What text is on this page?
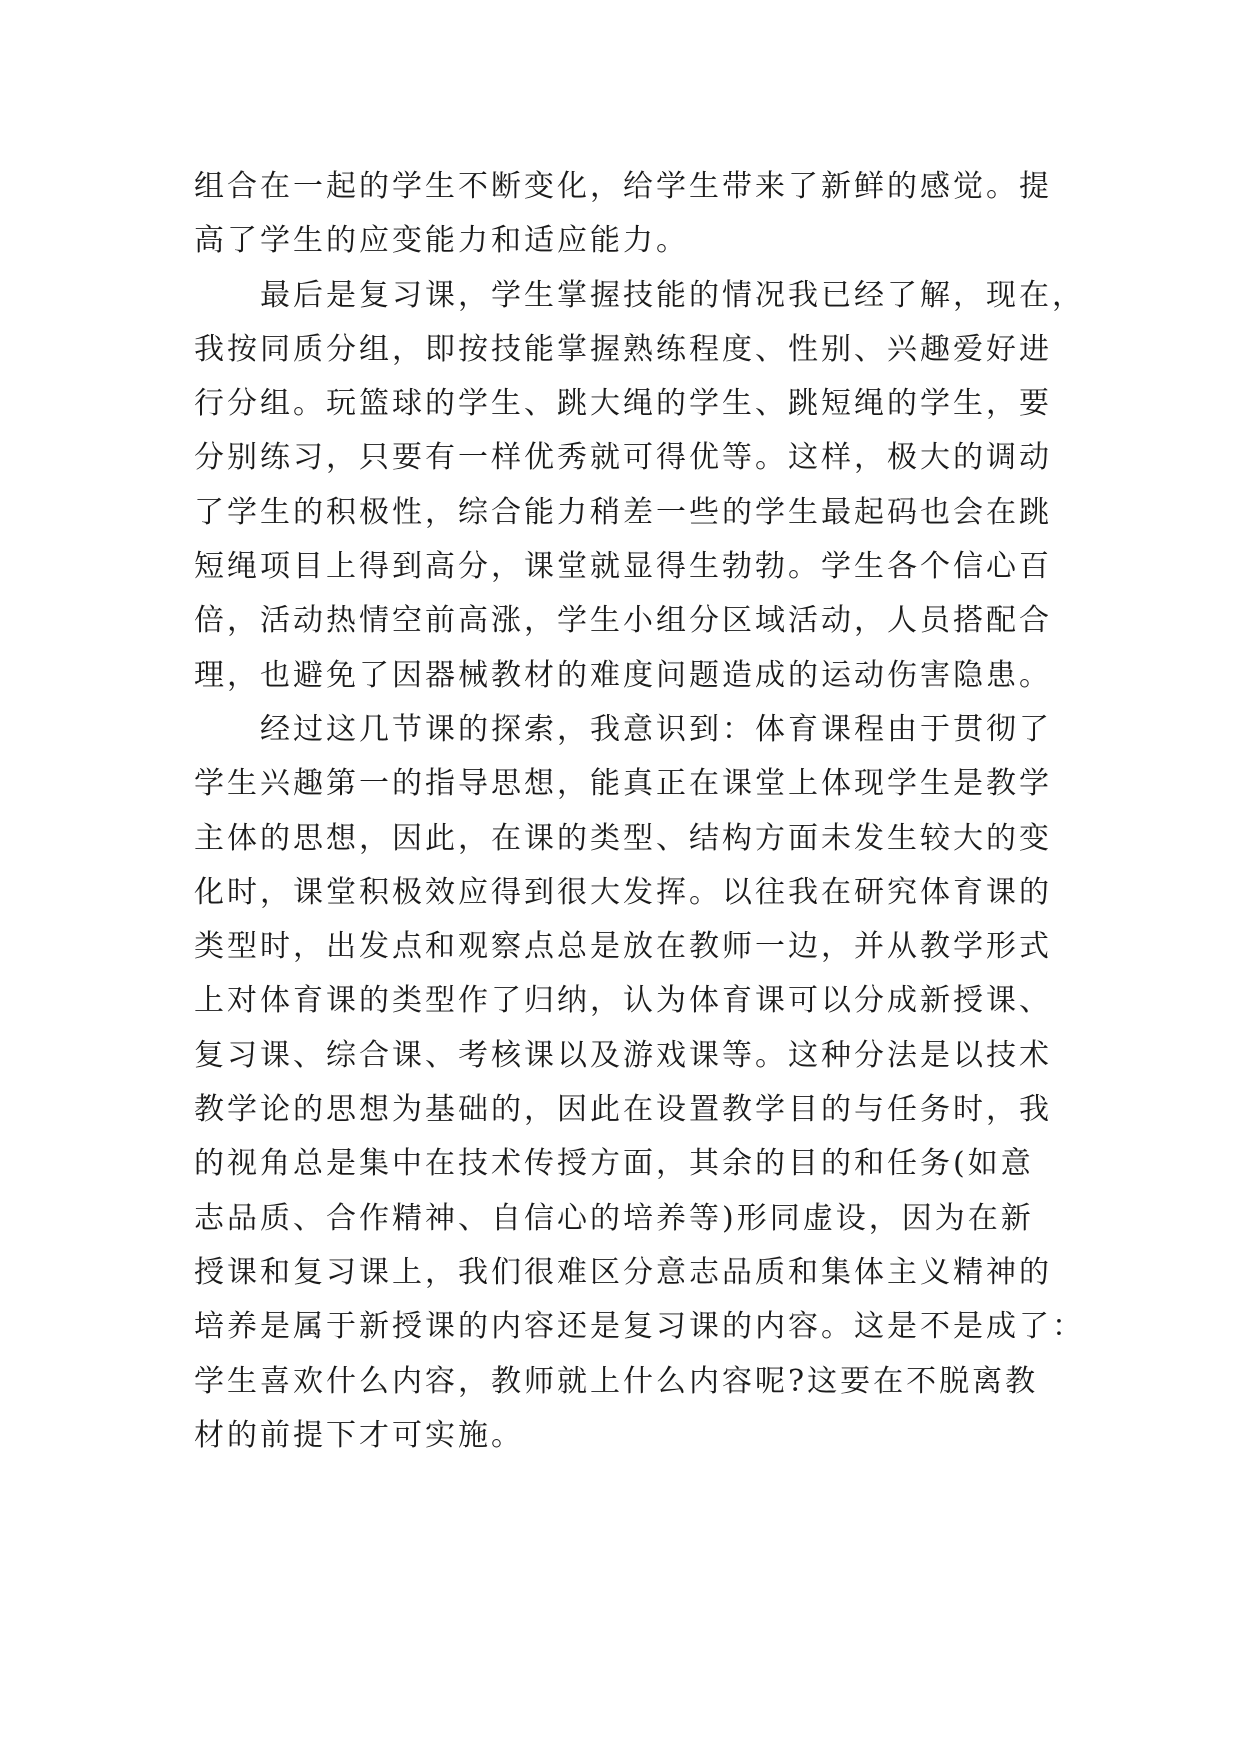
组合在一起的学生不断变化，给学生带来了新鲜的感觉。提
高了学生的应变能力和适应能力。
最后是复习课，学生掌握技能的情况我已经了解，现在，
我按同质分组，即按技能掌握熟练程度、性别、兴趣爱好进
行分组。玩篮球的学生、跳大绳的学生、跳短绳的学生，要
分别练习，只要有一样优秀就可得优等。这样，极大的调动
了学生的积极性，综合能力稍差一些的学生最起码也会在跳
短绳项目上得到高分，课堂就显得生勃勃。学生各个信心百
倍，活动热情空前高涨，学生小组分区域活动，人员搭配合
理，也避免了因器械教材的难度问题造成的运动伤害隐患。
经过这几节课的探索，我意识到：体育课程由于贯彻了
学生兴趣第一的指导思想，能真正在课堂上体现学生是教学
主体的思想，因此，在课的类型、结构方面未发生较大的变
化时，课堂积极效应得到很大发挥。以往我在研究体育课的
类型时，出发点和观察点总是放在教师一边，并从教学形式
上对体育课的类型作了归纳，认为体育课可以分成新授课、
复习课、综合课、考核课以及游戏课等。这种分法是以技术
教学论的思想为基础的，因此在设置教学目的与任务时，我
的视角总是集中在技术传授方面，其余的目的和任务(如意
志品质、合作精神、自信心的培养等)形同虚设，因为在新
授课和复习课上，我们很难区分意志品质和集体主义精神的
培养是属于新授课的内容还是复习课的内容。这是不是成了：
学生喜欢什么内容，教师就上什么内容呢?这要在不脱离教
材的前提下才可实施。
